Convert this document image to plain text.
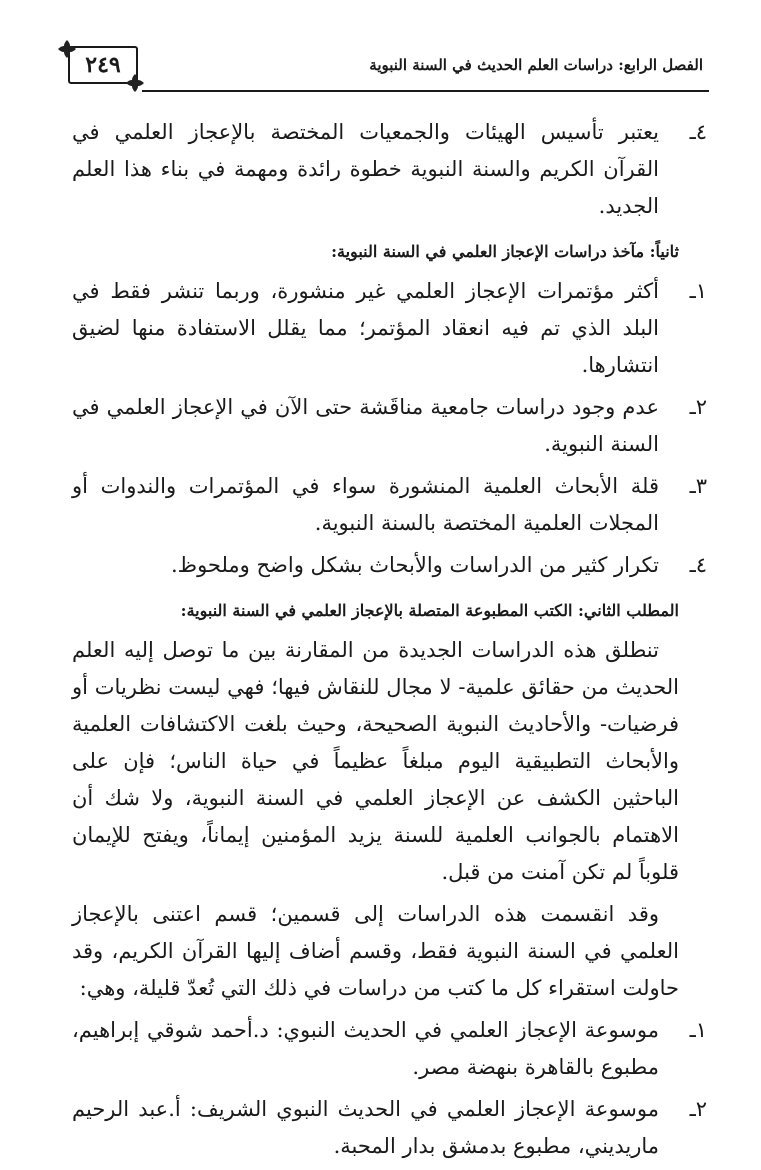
الفصل الرابع: دراسات العلم الحديث في السنة النبوية
٢٤٩
٤ـ
يعتبر تأسيس الهيئات والجمعيات المختصة بالإعجاز العلمي في القرآن الكريم والسنة النبوية خطوة رائدة ومهمة في بناء هذا العلم الجديد.
ثانياً: مآخذ دراسات الإعجاز العلمي في السنة النبوية:
١ـ
أكثر مؤتمرات الإعجاز العلمي غير منشورة، وربما تنشر فقط في البلد الذي تم فيه انعقاد المؤتمر؛ مما يقلل الاستفادة منها لضيق انتشارها.
٢ـ
عدم وجود دراسات جامعية مناقَشة حتى الآن في الإعجاز العلمي في السنة النبوية.
٣ـ
قلة الأبحاث العلمية المنشورة سواء في المؤتمرات والندوات أو المجلات العلمية المختصة بالسنة النبوية.
٤ـ
تكرار كثير من الدراسات والأبحاث بشكل واضح وملحوظ.
المطلب الثاني: الكتب المطبوعة المتصلة بالإعجاز العلمي في السنة النبوية:
تنطلق هذه الدراسات الجديدة من المقارنة بين ما توصل إليه العلم الحديث من حقائق علمية- لا مجال للنقاش فيها؛ فهي ليست نظريات أو فرضيات- والأحاديث النبوية الصحيحة، وحيث بلغت الاكتشافات العلمية والأبحاث التطبيقية اليوم مبلغاً عظيماً في حياة الناس؛ فإن على الباحثين الكشف عن الإعجاز العلمي في السنة النبوية، ولا شك أن الاهتمام بالجوانب العلمية للسنة يزيد المؤمنين إيماناً، ويفتح للإيمان قلوباً لم تكن آمنت من قبل.
وقد انقسمت هذه الدراسات إلى قسمين؛ قسم اعتنى بالإعجاز العلمي في السنة النبوية فقط، وقسم أضاف إليها القرآن الكريم، وقد حاولت استقراء كل ما كتب من دراسات في ذلك التي تُعدّ قليلة، وهي:
١ـ
موسوعة الإعجاز العلمي في الحديث النبوي: د.أحمد شوقي إبراهيم، مطبوع بالقاهرة بنهضة مصر.
٢ـ
موسوعة الإعجاز العلمي في الحديث النبوي الشريف: أ.عبد الرحيم ماريديني، مطبوع بدمشق بدار المحبة.
